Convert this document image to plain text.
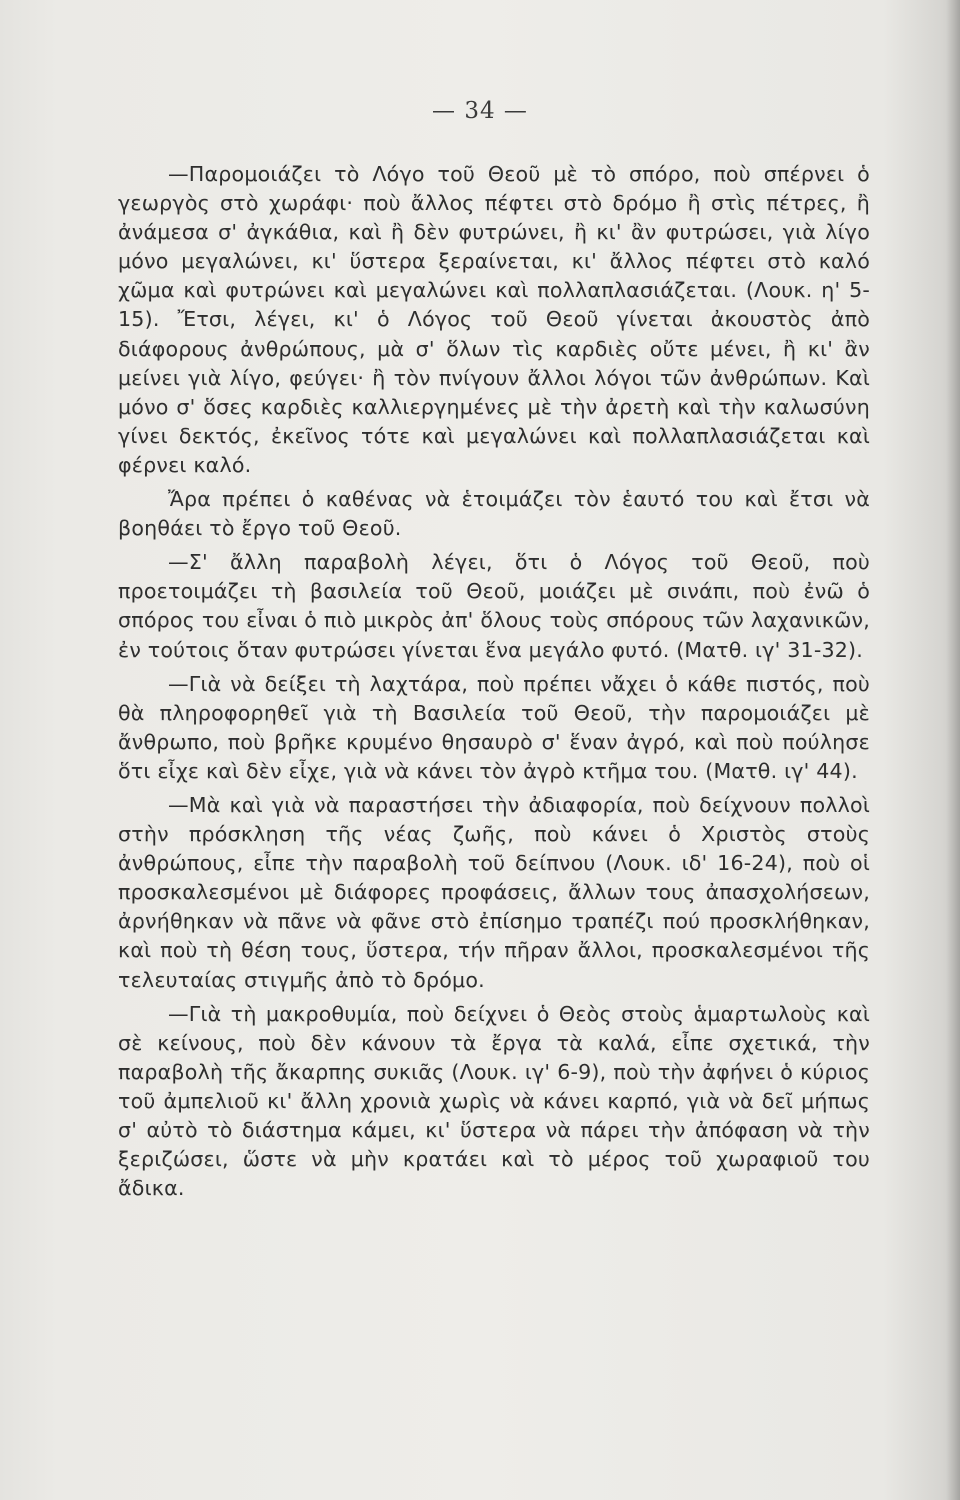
— 34 —

—Παρομοιάζει τὸ Λόγο τοῦ Θεοῦ μὲ τὸ σπόρο, ποὺ σπέρνει ὁ γεωργὸς στὸ χωράφι· ποὺ ἄλλος πέφτει στὸ δρόμο ἢ στὶς πέτρες, ἢ ἀνάμεσα σ' ἀγκάθια, καὶ ἢ δὲν φυτρώνει, ἢ κι' ἂν φυτρώσει, γιὰ λίγο μόνο μεγαλώνει, κι' ὕστερα ξεραίνεται, κι' ἄλλος πέφτει στὸ καλό χῶμα καὶ φυτρώνει καὶ μεγαλώνει καὶ πολλαπλασιάζεται. (Λουκ. η' 5-15). Ἔτσι, λέγει, κι' ὁ Λόγος τοῦ Θεοῦ γίνεται ἀκουστὸς ἀπὸ διάφορους ἀνθρώπους, μὰ σ' ὅλων τὶς καρδιὲς οὔτε μένει, ἢ κι' ἂν μείνει γιὰ λίγο, φεύγει· ἢ τὸν πνίγουν ἄλλοι λόγοι τῶν ἀνθρώπων. Καὶ μόνο σ' ὅσες καρδιὲς καλλιεργημένες μὲ τὴν ἀρετὴ καὶ τὴν καλωσύνη γίνει δεκτός, ἐκεῖνος τότε καὶ μεγαλώνει καὶ πολλαπλασιάζεται καὶ φέρνει καλό.

Ἄρα πρέπει ὁ καθένας νὰ ἑτοιμάζει τὸν ἑαυτό του καὶ ἔτσι νὰ βοηθάει τὸ ἔργο τοῦ Θεοῦ.

—Σ' ἄλλη παραβολὴ λέγει, ὅτι ὁ Λόγος τοῦ Θεοῦ, ποὺ προετοιμάζει τὴ βασιλεία τοῦ Θεοῦ, μοιάζει μὲ σινάπι, ποὺ ἐνῶ ὁ σπόρος του εἶναι ὁ πιὸ μικρὸς ἀπ' ὅλους τοὺς σπόρους τῶν λαχανικῶν, ἐν τούτοις ὅταν φυτρώσει γίνεται ἕνα μεγάλο φυτό. (Ματθ. ιγ' 31-32).

—Γιὰ νὰ δείξει τὴ λαχτάρα, ποὺ πρέπει νἄχει ὁ κάθε πιστός, ποὺ θὰ πληροφορηθεῖ γιὰ τὴ Βασιλεία τοῦ Θεοῦ, τὴν παρομοιάζει μὲ ἄνθρωπο, ποὺ βρῆκε κρυμένο θησαυρὸ σ' ἕναν ἀγρό, καὶ ποὺ πούλησε ὅτι εἶχε καὶ δὲν εἶχε, γιὰ νὰ κάνει τὸν ἀγρὸ κτῆμα του. (Ματθ. ιγ' 44).

—Μὰ καὶ γιὰ νὰ παραστήσει τὴν ἀδιαφορία, ποὺ δείχνουν πολλοὶ στὴν πρόσκληση τῆς νέας ζωῆς, ποὺ κάνει ὁ Χριστὸς στοὺς ἀνθρώπους, εἶπε τὴν παραβολὴ τοῦ δείπνου (Λουκ. ιδ' 16-24), ποὺ οἱ προσκαλεσμένοι μὲ διάφορες προφάσεις, ἄλλων τους ἀπασχολήσεων, ἀρνήθηκαν νὰ πᾶνε νὰ φᾶνε στὸ ἐπίσημο τραπέζι πού προσκλήθηκαν, καὶ ποὺ τὴ θέση τους, ὕστερα, τήν πῆραν ἄλλοι, προσκαλεσμένοι τῆς τελευταίας στιγμῆς ἀπὸ τὸ δρόμο.

—Γιὰ τὴ μακροθυμία, ποὺ δείχνει ὁ Θεὸς στοὺς ἁμαρτωλοὺς καὶ σὲ κείνους, ποὺ δὲν κάνουν τὰ ἔργα τὰ καλά, εἶπε σχετικά, τὴν παραβολὴ τῆς ἄκαρπης συκιᾶς (Λουκ. ιγ' 6-9), ποὺ τὴν ἀφήνει ὁ κύριος τοῦ ἀμπελιοῦ κι' ἄλλη χρονιὰ χωρὶς νὰ κάνει καρπό, γιὰ νὰ δεῖ μήπως σ' αὐτὸ τὸ διάστημα κάμει, κι' ὕστερα νὰ πάρει τὴν ἀπόφαση νὰ τὴν ξεριζώσει, ὥστε νὰ μὴν κρατάει καὶ τὸ μέρος τοῦ χωραφιοῦ του ἄδικα.
